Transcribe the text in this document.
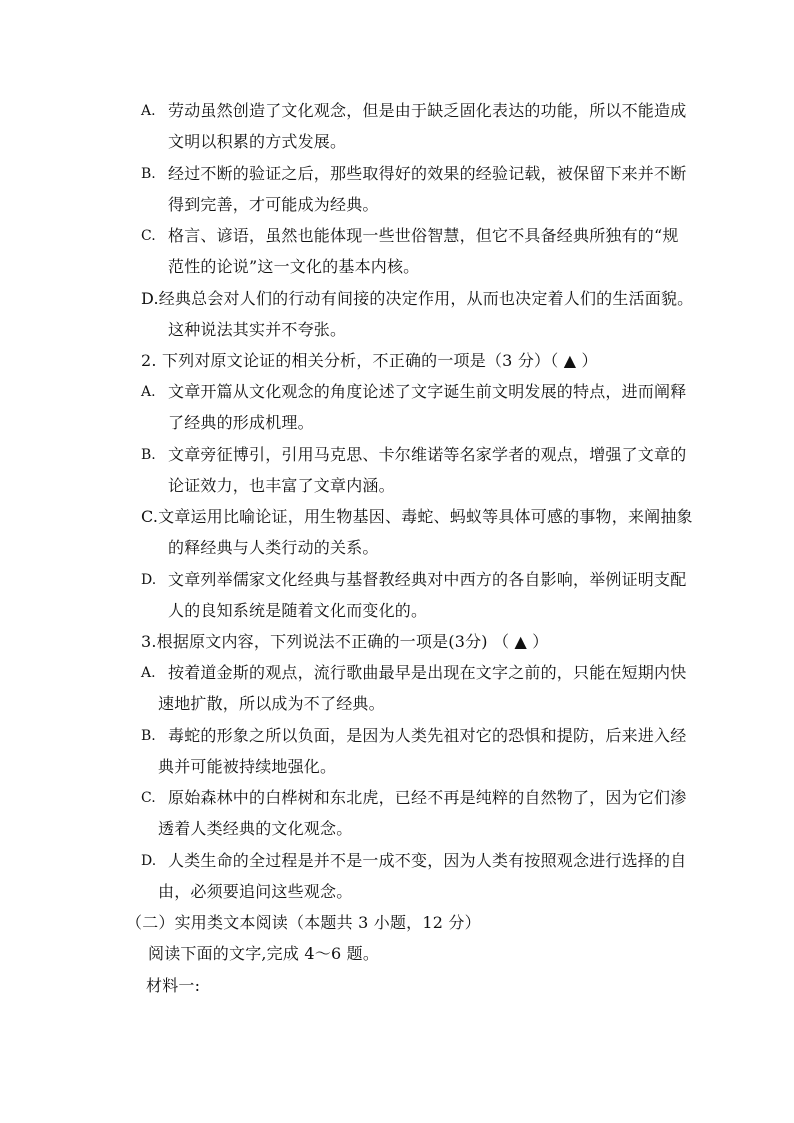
A. 劳动虽然创造了文化观念，但是由于缺乏固化表达的功能，所以不能造成
文明以积累的方式发展。
B. 经过不断的验证之后，那些取得好的效果的经验记载，被保留下来并不断
得到完善，才可能成为经典。
C. 格言、谚语，虽然也能体现一些世俗智慧，但它不具备经典所独有的“规
范性的论说”这一文化的基本内核。
D.经典总会对人们的行动有间接的决定作用，从而也决定着人们的生活面貌。
这种说法其实并不夸张。
2. 下列对原文论证的相关分析，不正确的一项是（3 分）（ ▲ ）
A. 文章开篇从文化观念的角度论述了文字诞生前文明发展的特点，进而阐释
了经典的形成机理。
B. 文章旁征博引，引用马克思、卡尔维诺等名家学者的观点，增强了文章的
论证效力，也丰富了文章内涵。
C.文章运用比喻论证，用生物基因、毒蛇、蚂蚁等具体可感的事物，来阐抽象
的释经典与人类行动的关系。
D. 文章列举儒家文化经典与基督教经典对中西方的各自影响，举例证明支配
人的良知系统是随着文化而变化的。
3.根据原文内容，下列说法不正确的一项是(3分) （ ▲ ）
A. 按着道金斯的观点，流行歌曲最早是出现在文字之前的，只能在短期内快
速地扩散，所以成为不了经典。
B. 毒蛇的形象之所以负面，是因为人类先祖对它的恐惧和提防，后来进入经
典并可能被持续地强化。
C. 原始森林中的白桦树和东北虎，已经不再是纯粹的自然物了，因为它们渗
透着人类经典的文化观念。
D. 人类生命的全过程是并不是一成不变，因为人类有按照观念进行选择的自
由，必须要追问这些观念。
（二）实用类文本阅读（本题共 3 小题，12 分）
阅读下面的文字,完成 4～6 题。
材料一:
